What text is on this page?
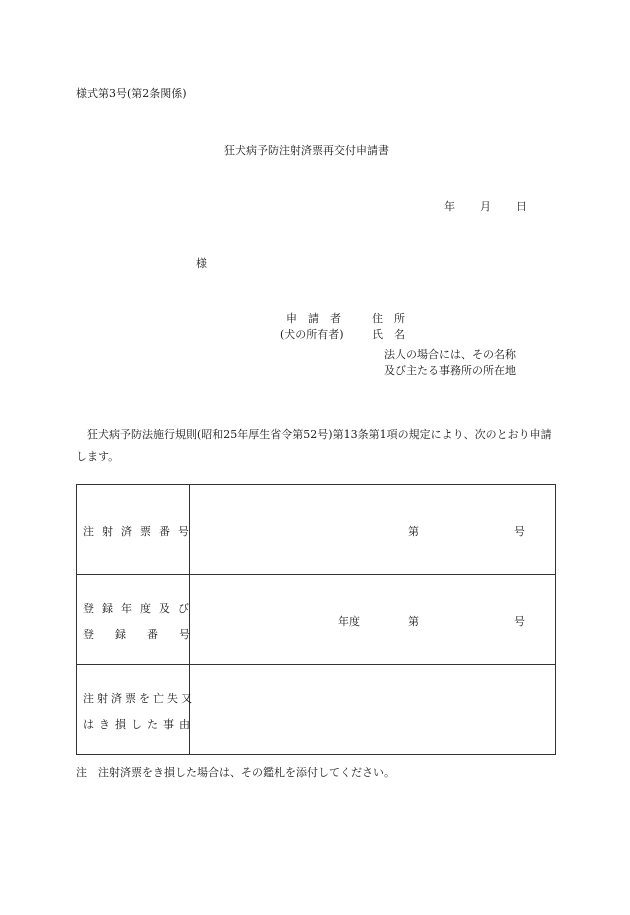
様式第3号(第2条関係)
狂犬病予防注射済票再交付申請書
年 月 日
様
申請者 住所
(犬の所有者)	氏名
法人の場合には、その名称
及び主たる事務所の所在地
狂犬病予防法施行規則(昭和25年厚生省令第52号)第13条第1項の規定により、次のとおり申請します。
注射済票番号	第 号

登録年度及び
登録番号	年度 第 号

注射済票を亡失又
はき損した事由	

注　注射済票をき損した場合は、その鑑札を添付してください。
